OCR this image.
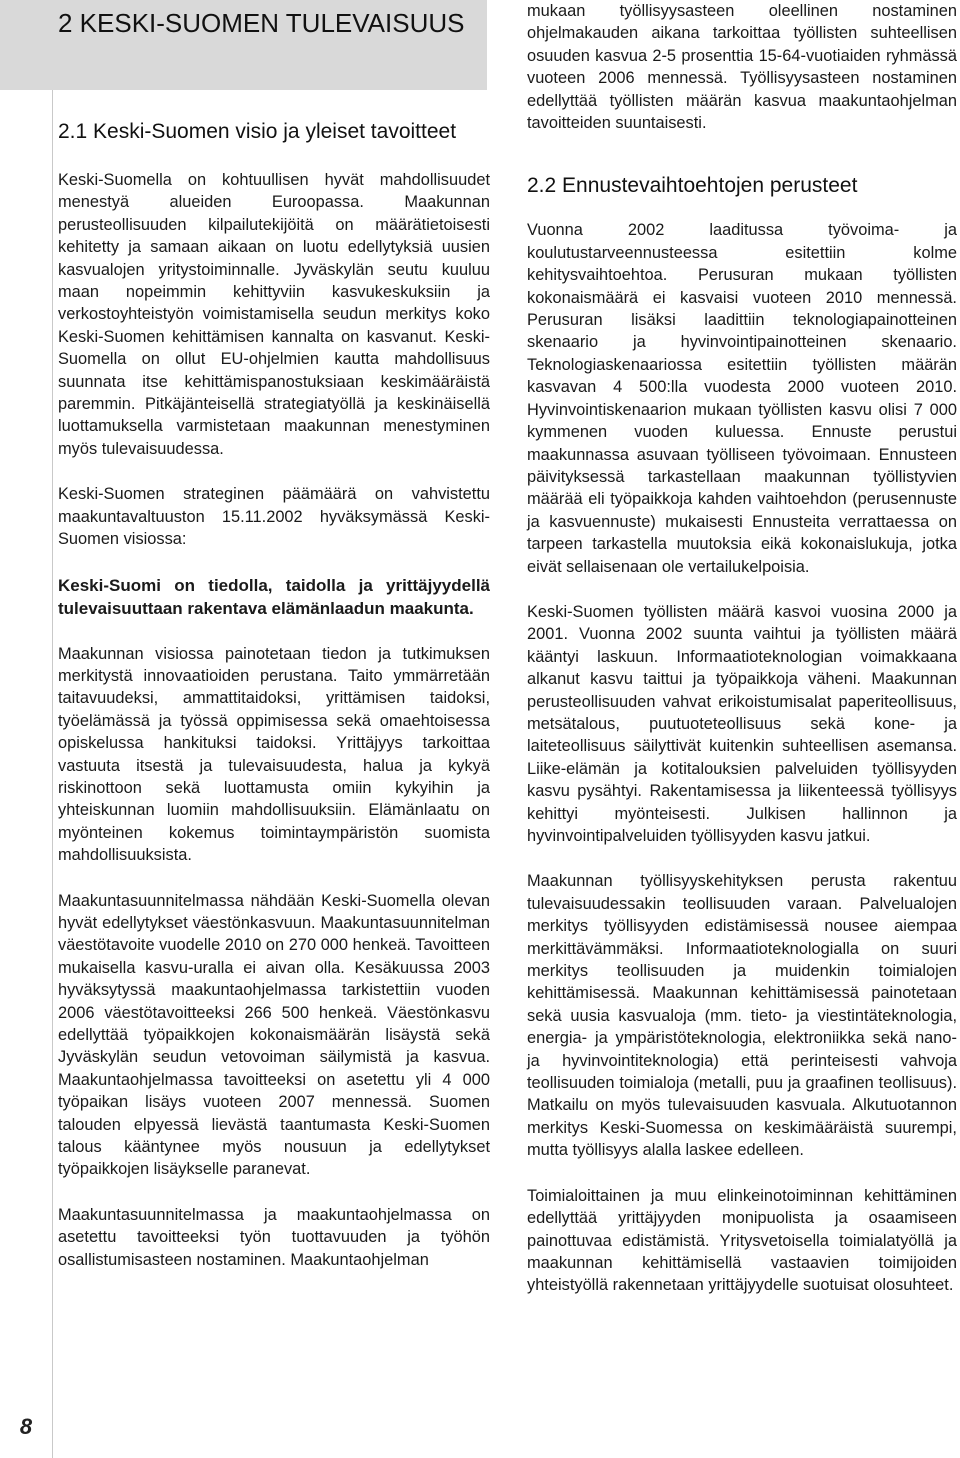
8
2 KESKI-SUOMEN TULEVAISUUS
2.1 Keski-Suomen visio ja yleiset tavoitteet

Keski-Suomella on kohtuullisen hyvät mahdollisuudet menestyä alueiden Euroopassa. Maakunnan perusteollisuuden kilpailutekijöitä on määrätietoisesti kehitetty ja samaan aikaan on luotu edellytyksiä uusien kasvualojen yritystoiminnalle. Jyväskylän seutu kuuluu maan nopeimmin kehittyviin kasvukeskuksiin ja verkostoyhteistyön voimistamisella seudun merkitys koko Keski-Suomen kehittämisen kannalta on kasvanut. Keski-Suomella on ollut EU-ohjelmien kautta mahdollisuus suunnata itse kehittämispanostuksiaan keskimääräistä paremmin. Pitkäjänteisellä strategiatyöllä ja keskinäisellä luottamuksella varmistetaan maakunnan menestyminen myös tulevaisuudessa.

Keski-Suomen strateginen päämäärä on vahvistettu maakuntavaltuuston 15.11.2002 hyväksymässä Keski-Suomen visiossa:

Keski-Suomi on tiedolla, taidolla ja yrittäjyydellä tulevaisuuttaan rakentava elämänlaadun maakunta.

Maakunnan visiossa painotetaan tiedon ja tutkimuksen merkitystä innovaatioiden perustana. Taito ymmärretään taitavuudeksi, ammattitaidoksi, yrittämisen taidoksi, työelämässä ja työssä oppimisessa sekä omaehtoisessa opiskelussa hankituksi taidoksi. Yrittäjyys tarkoittaa vastuuta itsestä ja tulevaisuudesta, halua ja kykyä riskinottoon sekä luottamusta omiin kykyihin ja yhteiskunnan luomiin mahdollisuuksiin. Elämänlaatu on myönteinen kokemus toimintaympäristön suomista mahdollisuuksista.

Maakuntasuunnitelmassa nähdään Keski-Suomella olevan hyvät edellytykset väestönkasvuun. Maakuntasuunnitelman väestötavoite vuodelle 2010 on 270 000 henkeä. Tavoitteen mukaisella kasvu-uralla ei aivan olla. Kesäkuussa 2003 hyväksytyssä maakuntaohjelmassa tarkistettiin vuoden 2006 väestötavoitteeksi 266 500 henkeä. Väestönkasvu edellyttää työpaikkojen kokonaismäärän lisäystä sekä Jyväskylän seudun vetovoiman säilymistä ja kasvua. Maakuntaohjelmassa tavoitteeksi on asetettu yli 4 000 työpaikan lisäys vuoteen 2007 mennessä. Suomen talouden elpyessä lievästä taantumasta Keski-Suomen talous kääntynee myös nousuun ja edellytykset työpaikkojen lisäykselle paranevat.

Maakuntasuunnitelmassa ja maakuntaohjelmassa on asetettu tavoitteeksi työn tuottavuuden ja työhön osallistumisasteen nostaminen. Maakuntaohjelman

mukaan työllisyysasteen oleellinen nostaminen ohjelmakauden aikana tarkoittaa työllisten suhteellisen osuuden kasvua 2-5 prosenttia 15-64-vuotiaiden ryhmässä vuoteen 2006 mennessä. Työllisyysasteen nostaminen edellyttää työllisten määrän kasvua maakuntaohjelman tavoitteiden suuntaisesti.

2.2 Ennustevaihtoehtojen perusteet

Vuonna 2002 laaditussa työvoima- ja koulutustarveennusteessa esitettiin kolme kehitysvaihtoehtoa. Perusuran mukaan työllisten kokonaismäärä ei kasvaisi vuoteen 2010 mennessä. Perusuran lisäksi laadittiin teknologiapainotteinen skenaario ja hyvinvointipainotteinen skenaario. Teknologiaskenaariossa esitettiin työllisten määrän kasvavan 4 500:lla vuodesta 2000 vuoteen 2010. Hyvinvointiskenaarion mukaan työllisten kasvu olisi 7 000 kymmenen vuoden kuluessa. Ennuste perustui maakunnassa asuvaan työlliseen työvoimaan. Ennusteen päivityksessä tarkastellaan maakunnan työllistyvien määrää eli työpaikkoja kahden vaihtoehdon (perusennuste ja kasvuennuste) mukaisesti Ennusteita verrattaessa on tarpeen tarkastella muutoksia eikä kokonaislukuja, jotka eivät sellaisenaan ole vertailukelpoisia.

Keski-Suomen työllisten määrä kasvoi vuosina 2000 ja 2001. Vuonna 2002 suunta vaihtui ja työllisten määrä kääntyi laskuun. Informaatioteknologian voimakkaana alkanut kasvu taittui ja työpaikkoja väheni. Maakunnan perusteollisuuden vahvat erikoistumisalat paperiteollisuus, metsätalous, puutuoteteollisuus sekä kone- ja laiteteollisuus säilyttivät kuitenkin suhteellisen asemansa. Liike-elämän ja kotitalouksien palveluiden työllisyyden kasvu pysähtyi. Rakentamisessa ja liikenteessä työllisyys kehittyi myönteisesti. Julkisen hallinnon ja hyvinvointipalveluiden työllisyyden kasvu jatkui.

Maakunnan työllisyyskehityksen perusta rakentuu tulevaisuudessakin teollisuuden varaan. Palvelualojen merkitys työllisyyden edistämisessä nousee aiempaa merkittävämmäksi. Informaatioteknologialla on suuri merkitys teollisuuden ja muidenkin toimialojen kehittämisessä. Maakunnan kehittämisessä painotetaan sekä uusia kasvualoja (mm. tieto- ja viestintäteknologia, energia- ja ympäristöteknologia, elektroniikka sekä nano- ja hyvinvointiteknologia) että perinteisesti vahvoja teollisuuden toimialoja (metalli, puu ja graafinen teollisuus). Matkailu on myös tulevaisuuden kasvuala. Alkutuotannon merkitys Keski-Suomessa on keskimääräistä suurempi, mutta työllisyys alalla laskee edelleen.

Toimialoittainen ja muu elinkeinotoiminnan kehittäminen edellyttää yrittäjyyden monipuolista ja osaamiseen painottuvaa edistämistä. Yritysvetoisella toimialatyöllä ja maakunnan kehittämisellä vastaavien toimijoiden yhteistyöllä rakennetaan yrittäjyydelle suotuisat olosuhteet.
